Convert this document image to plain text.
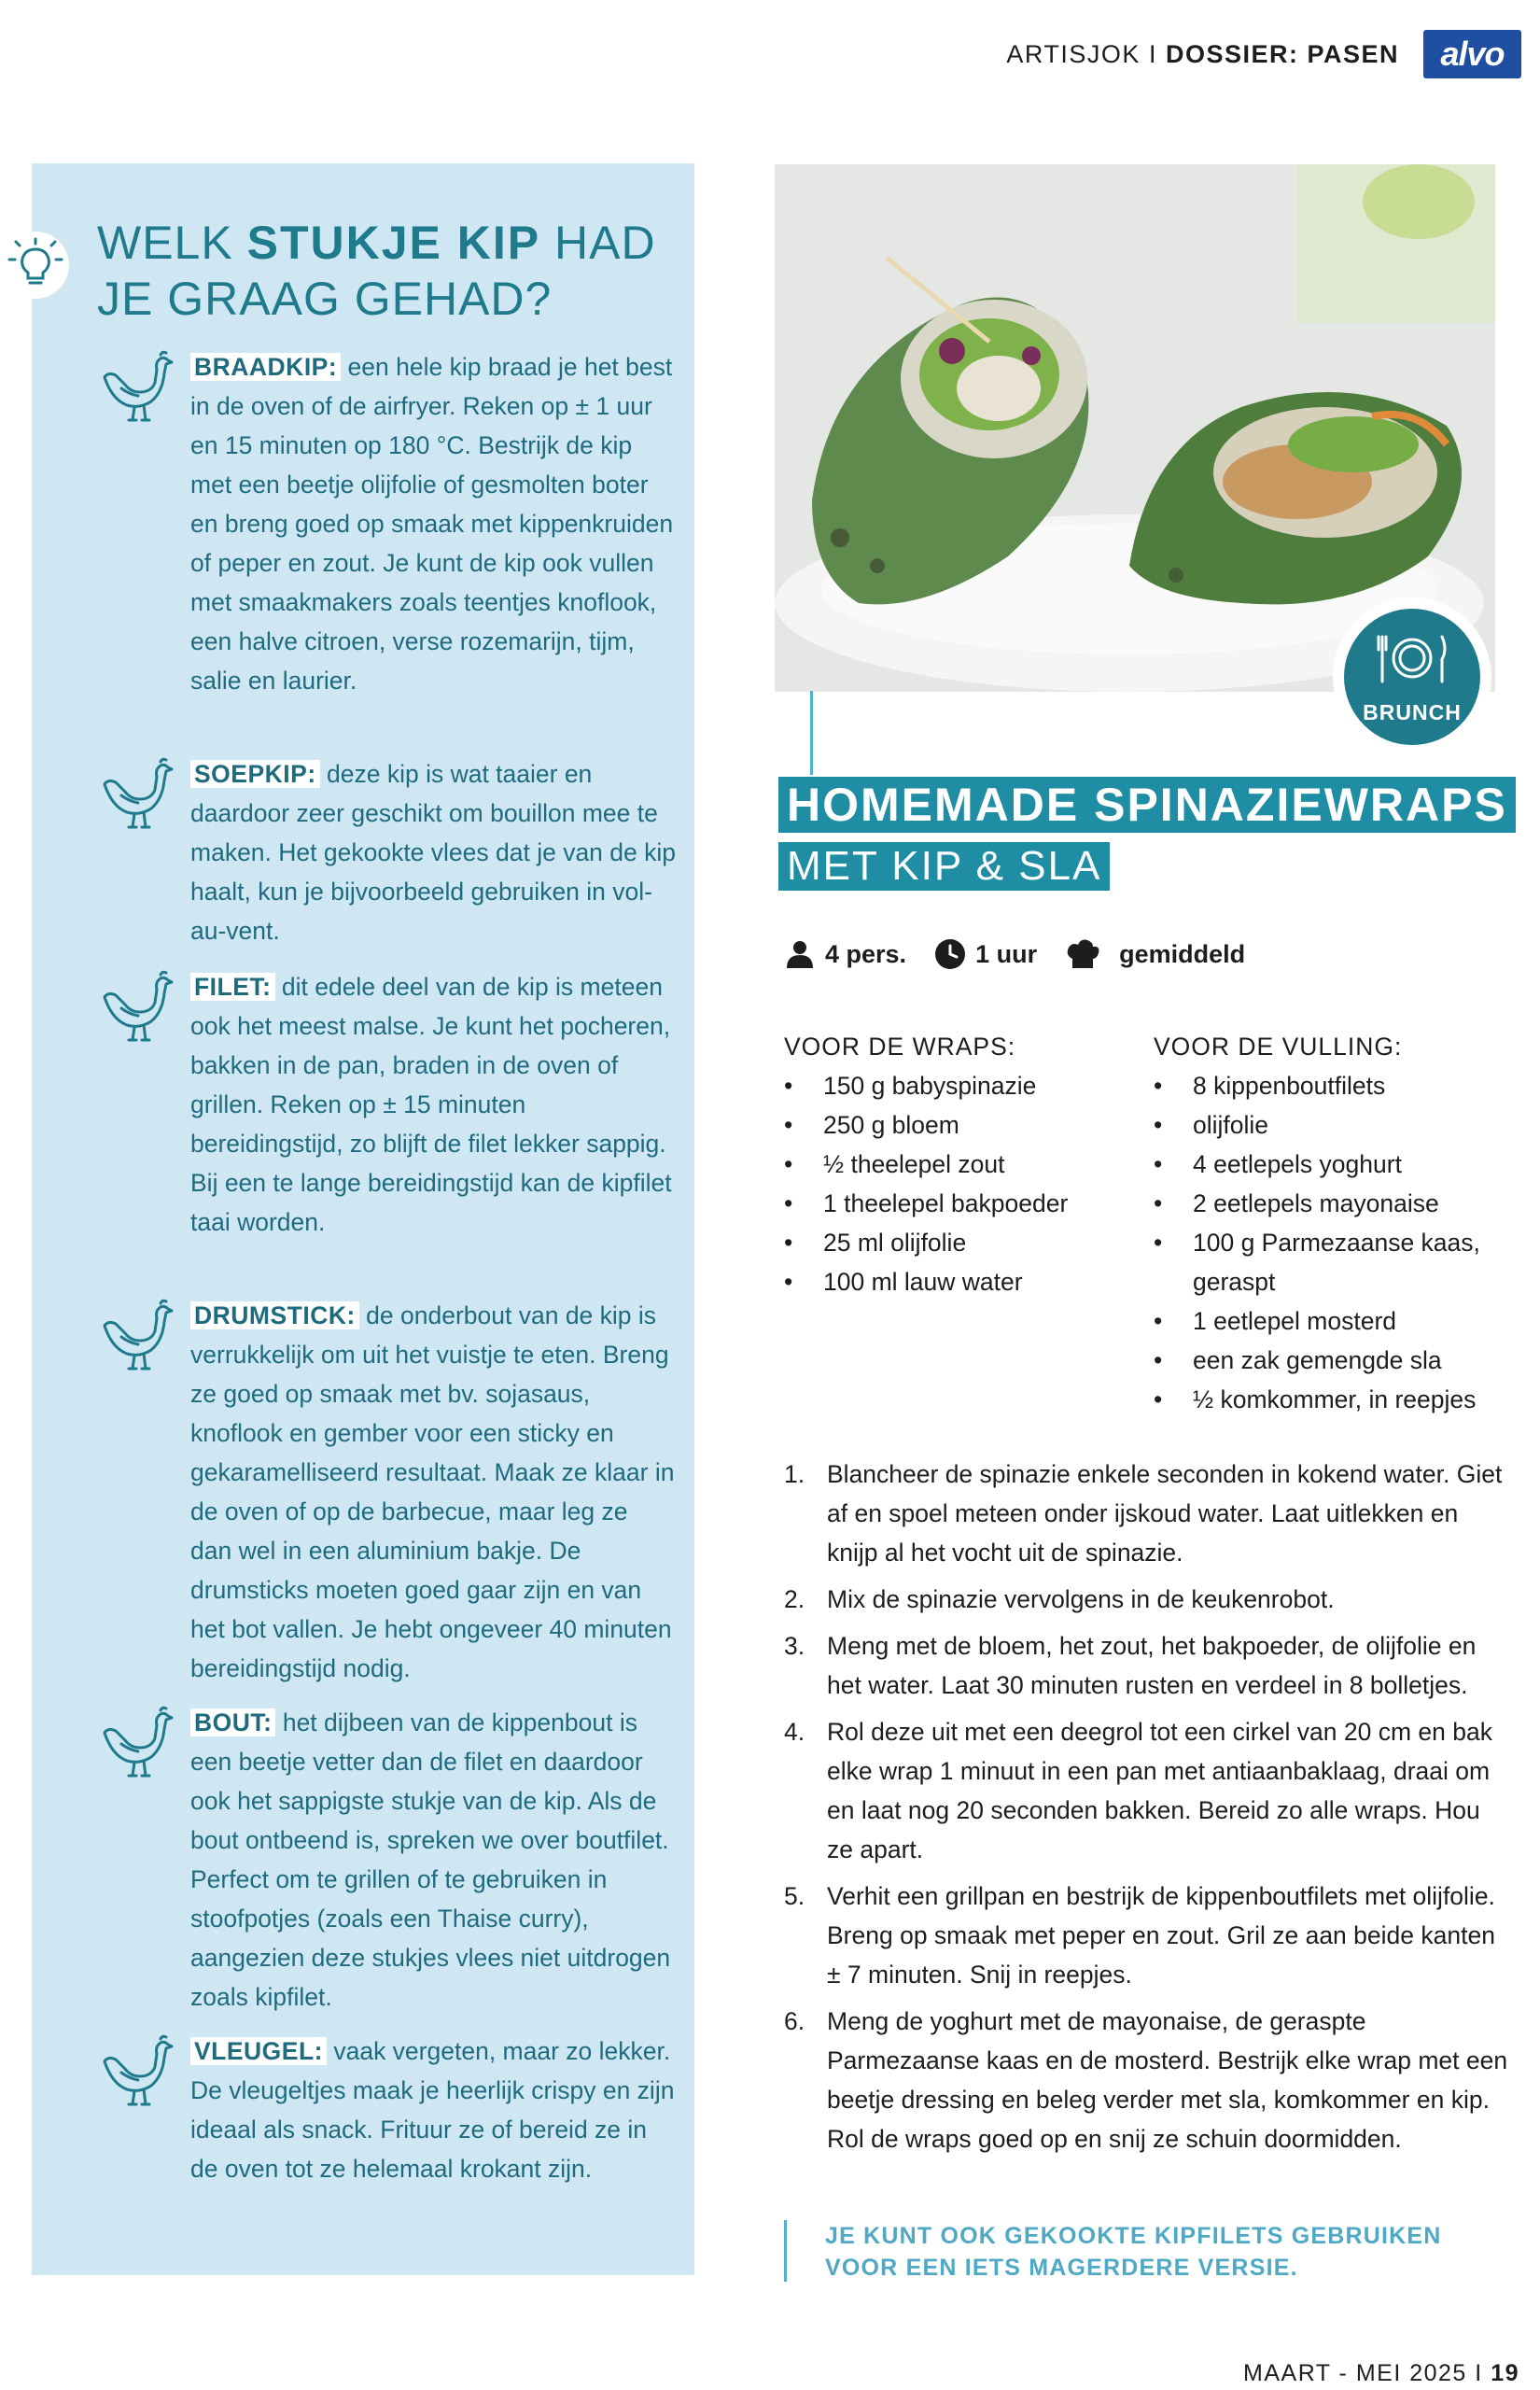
ARTISJOK I DOSSIER: PASEN alvo
WELK STUKJE KIP HAD JE GRAAG GEHAD?
BRAADKIP: een hele kip braad je het best in de oven of de airfryer. Reken op ± 1 uur en 15 minuten op 180 °C. Bestrijk de kip met een beetje olijfolie of gesmolten boter en breng goed op smaak met kippenkruiden of peper en zout. Je kunt de kip ook vullen met smaakmakers zoals teentjes knoflook, een halve citroen, verse rozemarijn, tijm, salie en laurier.
SOEPKIP: deze kip is wat taaier en daardoor zeer geschikt om bouillon mee te maken. Het gekookte vlees dat je van de kip haalt, kun je bijvoorbeeld gebruiken in vol-au-vent.
FILET: dit edele deel van de kip is meteen ook het meest malse. Je kunt het pocheren, bakken in de pan, braden in de oven of grillen. Reken op ± 15 minuten bereidingstijd, zo blijft de filet lekker sappig. Bij een te lange bereidingstijd kan de kipfilet taai worden.
DRUMSTICK: de onderbout van de kip is verrukkelijk om uit het vuistje te eten. Breng ze goed op smaak met bv. sojasaus, knoflook en gember voor een sticky en gekaramelliseerd resultaat. Maak ze klaar in de oven of op de barbecue, maar leg ze dan wel in een aluminium bakje. De drumsticks moeten goed gaar zijn en van het bot vallen. Je hebt ongeveer 40 minuten bereidingstijd nodig.
BOUT: het dijbeen van de kippenbout is een beetje vetter dan de filet en daardoor ook het sappigste stukje van de kip. Als de bout ontbeend is, spreken we over boutfilet. Perfect om te grillen of te gebruiken in stoofpotjes (zoals een Thaise curry), aangezien deze stukjes vlees niet uitdrogen zoals kipfilet.
VLEUGEL: vaak vergeten, maar zo lekker. De vleugeltjes maak je heerlijk crispy en zijn ideaal als snack. Frituur ze of bereid ze in de oven tot ze helemaal krokant zijn.
BRUNCH
HOMEMADE SPINAZIEWRAPS
MET KIP & SLA
4 pers.	1 uur	gemiddeld
VOOR DE WRAPS:
• 150 g babyspinazie
• 250 g bloem
• ½ theelepel zout
• 1 theelepel bakpoeder
• 25 ml olijfolie
• 100 ml lauw water
VOOR DE VULLING:
• 8 kippenboutfilets
• olijfolie
• 4 eetlepels yoghurt
• 2 eetlepels mayonaise
• 100 g Parmezaanse kaas, geraspt
• 1 eetlepel mosterd
• een zak gemengde sla
• ½ komkommer, in reepjes
1. Blancheer de spinazie enkele seconden in kokend water. Giet af en spoel meteen onder ijskoud water. Laat uitlekken en knijp al het vocht uit de spinazie.
2. Mix de spinazie vervolgens in de keukenrobot.
3. Meng met de bloem, het zout, het bakpoeder, de olijfolie en het water. Laat 30 minuten rusten en verdeel in 8 bolletjes.
4. Rol deze uit met een deegrol tot een cirkel van 20 cm en bak elke wrap 1 minuut in een pan met antiaanbaklaag, draai om en laat nog 20 seconden bakken. Bereid zo alle wraps. Hou ze apart.
5. Verhit een grillpan en bestrijk de kippenboutfilets met olijfolie. Breng op smaak met peper en zout. Gril ze aan beide kanten ± 7 minuten. Snij in reepjes.
6. Meng de yoghurt met de mayonaise, de geraspte Parmezaanse kaas en de mosterd. Bestrijk elke wrap met een beetje dressing en beleg verder met sla, komkommer en kip. Rol de wraps goed op en snij ze schuin doormidden.
JE KUNT OOK GEKOOKTE KIPFILETS GEBRUIKEN VOOR EEN IETS MAGERDERE VERSIE.
MAART - MEI 2025 I 19
